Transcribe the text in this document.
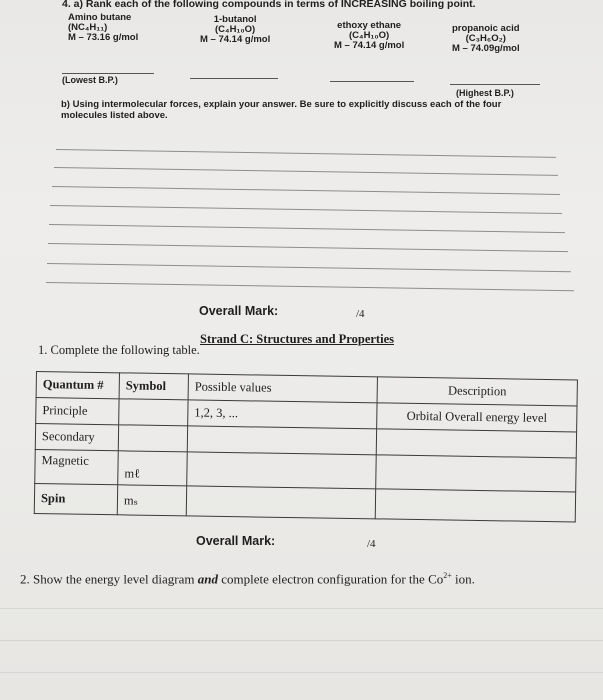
4. a) Rank each of the following compounds in terms of INCREASING boiling point.
Amino butane
(NC₄H₁₁)
M – 73.16 g/mol
1-butanol
(C₄H₁₀O)
M – 74.14 g/mol
ethoxy ethane
(C₄H₁₀O)
M – 74.14 g/mol
propanoic acid
(C₃H₆O₂)
M – 74.09g/mol
(Lowest B.P.)
(Highest B.P.)
b) Using intermolecular forces, explain your answer. Be sure to explicitly discuss each of the four
molecules listed above.
Overall Mark:	/4
Strand C: Structures and Properties
1. Complete the following table.
Quantum #	Symbol	Possible values	Description
Principle		1,2, 3, ...	Orbital Overall energy level
Secondary			
Magnetic	mℓ		
Spin	mₛ		
Overall Mark:	/4
2. Show the energy level diagram and complete electron configuration for the $Co^{2+}$ ion.
